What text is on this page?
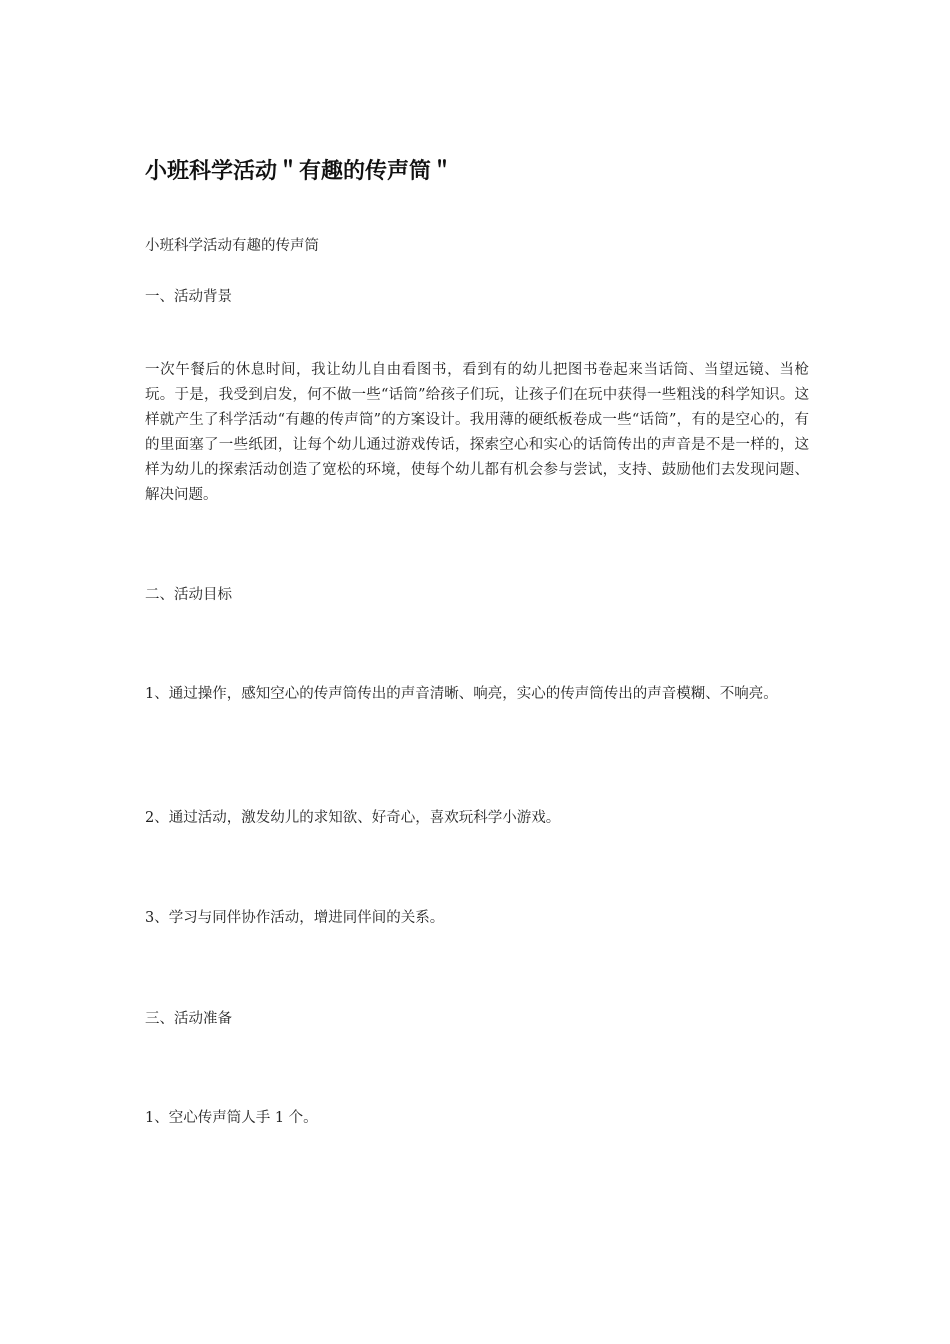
小班科学活动＂有趣的传声筒＂

小班科学活动有趣的传声筒

一、活动背景

一次午餐后的休息时间，我让幼儿自由看图书，看到有的幼儿把图书卷起来当话筒、当望远镜、当枪玩。于是，我受到启发，何不做一些“话筒”给孩子们玩，让孩子们在玩中获得一些粗浅的科学知识。这样就产生了科学活动“有趣的传声筒”的方案设计。我用薄的硬纸板卷成一些“话筒”，有的是空心的，有的里面塞了一些纸团，让每个幼儿通过游戏传话，探索空心和实心的话筒传出的声音是不是一样的，这样为幼儿的探索活动创造了宽松的环境，使每个幼儿都有机会参与尝试，支持、鼓励他们去发现问题、解决问题。

二、活动目标

1、通过操作，感知空心的传声筒传出的声音清晰、响亮，实心的传声筒传出的声音模糊、不响亮。

2、通过活动，激发幼儿的求知欲、好奇心，喜欢玩科学小游戏。

3、学习与同伴协作活动，增进同伴间的关系。

三、活动准备

1、空心传声筒人手 1 个。
